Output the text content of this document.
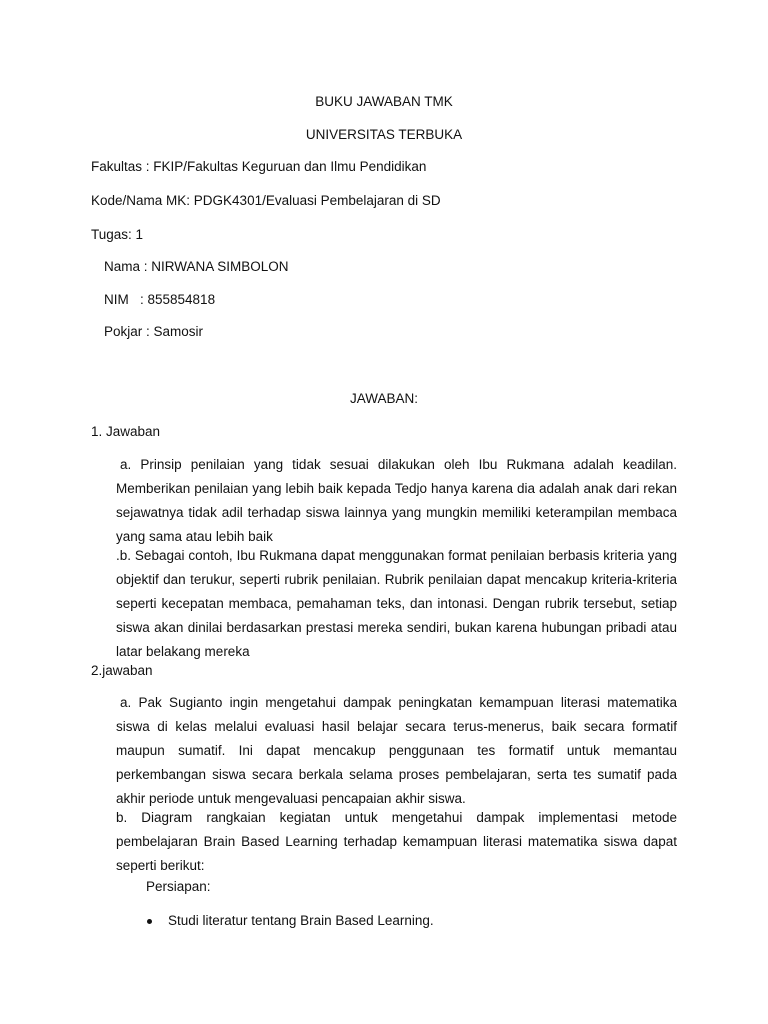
BUKU JAWABAN TMK
UNIVERSITAS TERBUKA
Fakultas : FKIP/Fakultas Keguruan dan Ilmu Pendidikan
Kode/Nama MK: PDGK4301/Evaluasi Pembelajaran di SD
Tugas: 1
Nama : NIRWANA SIMBOLON
NIM   : 855854818
Pokjar : Samosir
JAWABAN:
1. Jawaban
a. Prinsip penilaian yang tidak sesuai dilakukan oleh Ibu Rukmana adalah keadilan. Memberikan penilaian yang lebih baik kepada Tedjo hanya karena dia adalah anak dari rekan sejawatnya tidak adil terhadap siswa lainnya yang mungkin memiliki keterampilan membaca yang sama atau lebih baik
.b. Sebagai contoh, Ibu Rukmana dapat menggunakan format penilaian berbasis kriteria yang objektif dan terukur, seperti rubrik penilaian. Rubrik penilaian dapat mencakup kriteria-kriteria seperti kecepatan membaca, pemahaman teks, dan intonasi. Dengan rubrik tersebut, setiap siswa akan dinilai berdasarkan prestasi mereka sendiri, bukan karena hubungan pribadi atau latar belakang mereka
2.jawaban
a. Pak Sugianto ingin mengetahui dampak peningkatan kemampuan literasi matematika siswa di kelas melalui evaluasi hasil belajar secara terus-menerus, baik secara formatif maupun sumatif. Ini dapat mencakup penggunaan tes formatif untuk memantau perkembangan siswa secara berkala selama proses pembelajaran, serta tes sumatif pada akhir periode untuk mengevaluasi pencapaian akhir siswa.
b. Diagram rangkaian kegiatan untuk mengetahui dampak implementasi metode pembelajaran Brain Based Learning terhadap kemampuan literasi matematika siswa dapat seperti berikut:
Persiapan:
Studi literatur tentang Brain Based Learning.
